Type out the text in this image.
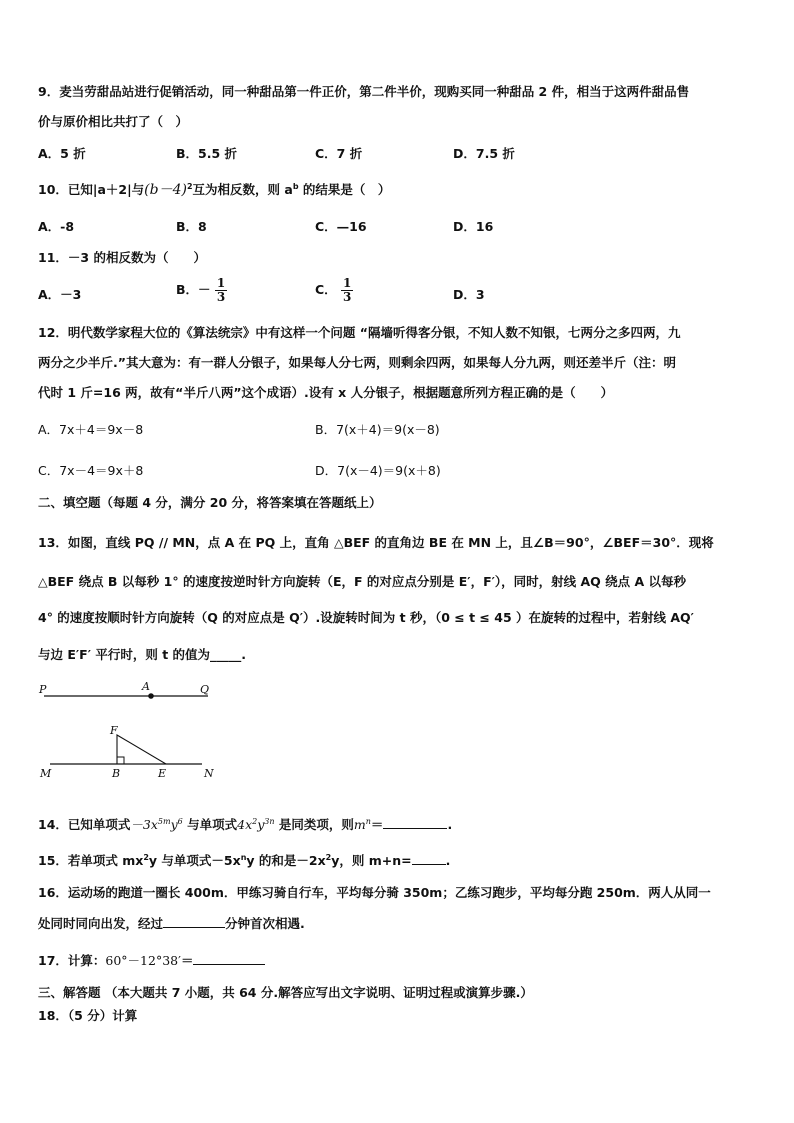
9．麦当劳甜品站进行促销活动，同一种甜品第一件正价，第二件半价，现购买同一种甜品 2 件，相当于这两件甜品售
价与原价相比共打了（　）
A．5 折	B．5.5 折	C．7 折	D．7.5 折
10．已知|a＋2|与$(b-4)^2$互为相反数，则 $a^b$ 的结果是（　）
A．-8	B．8	C．—16	D．16
11．－3 的相反数为（　　）
A．－3	B．－ $\frac{1}{3}$	C． $\frac{1}{3}$	D．3
12．明代数学家程大位的《算法统宗》中有这样一个问题 “隔墙听得客分银，不知人数不知银，七两分之多四两，九
两分之少半斤.”其大意为：有一群人分银子，如果每人分七两，则剩余四两，如果每人分九两，则还差半斤（注：明
代时 1 斤=16 两，故有“半斤八两”这个成语）.设有 x 人分银子，根据题意所列方程正确的是（　　）
A．7x＋4＝9x－8	B．7(x＋4)＝9(x－8)
C．7x－4＝9x＋8	D．7(x－4)＝9(x＋8)
二、填空题（每题 4 分，满分 20 分，将答案填在答题纸上）
13．如图，直线 PQ // MN，点 A 在 PQ 上，直角 △BEF 的直角边 BE 在 MN 上，且∠B＝90°，∠BEF＝30°．现将
△BEF 绕点 B 以每秒 1° 的速度按逆时针方向旋转（E，F 的对应点分别是 E′，F′），同时，射线 AQ 绕点 A 以每秒
4° 的速度按顺时针方向旋转（Q 的对应点是 Q′）.设旋转时间为 t 秒，（0 ≤ t ≤ 45 ）在旋转的过程中，若射线 AQ′
与边 E′F′ 平行时，则 t 的值为_____.
P	A	Q
F
M	B	E	N
14．已知单项式$-3x^{5m}y^6$ 与单项式$4x^2y^{3n}$ 是同类项，则$m^n=$	.
15．若单项式 $mx^2y$ 与单项式$-5x^ny$ 的和是$-2x^2y$，则 m+n=	.
16．运动场的跑道一圈长 400m．甲练习骑自行车，平均每分骑 350m；乙练习跑步，平均每分跑 250m．两人从同一
处同时同向出发，经过	分钟首次相遇.
17．计算：60°－12°38′＝
三、解答题 （本大题共 7 小题，共 64 分.解答应写出文字说明、证明过程或演算步骤.）
18．（5 分）计算
